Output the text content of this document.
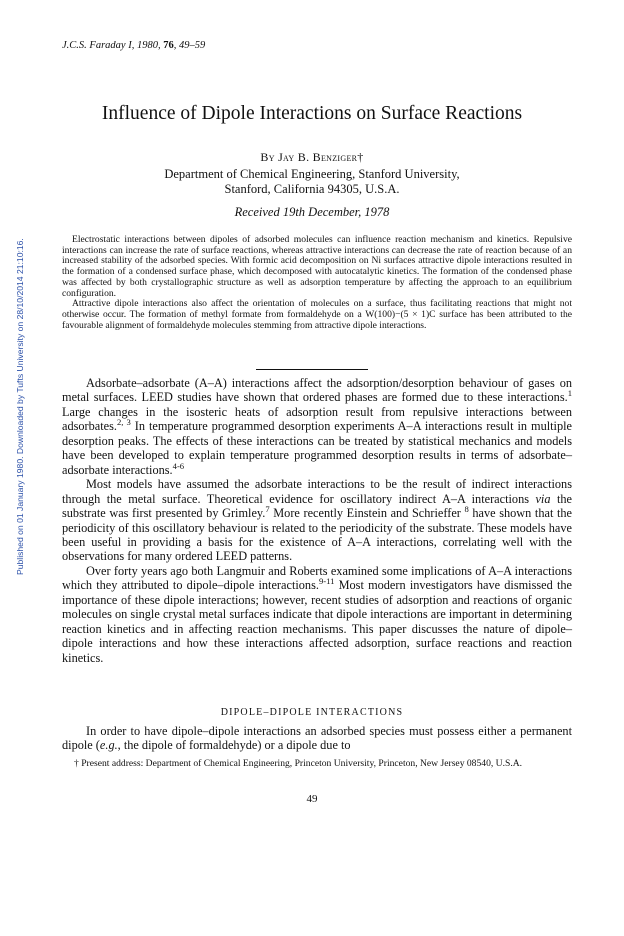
J.C.S. Faraday I, 1980, 76, 49–59
Published on 01 January 1980. Downloaded by Tufts University on 28/10/2014 21:10:16.
Influence of Dipole Interactions on Surface Reactions
By Jay B. Benziger†
Department of Chemical Engineering, Stanford University,
Stanford, California 94305, U.S.A.
Received 19th December, 1978

Electrostatic interactions between dipoles of adsorbed molecules can influence reaction mechanism and kinetics. Repulsive interactions can increase the rate of surface reactions, whereas attractive interactions can decrease the rate of reaction because of an increased stability of the adsorbed species. With formic acid decomposition on Ni surfaces attractive dipole interactions resulted in the formation of a condensed surface phase, which decomposed with autocatalytic kinetics. The formation of the condensed phase was affected by both crystallographic structure as well as adsorption temperature by affecting the approach to an equilibrium configuration.

Attractive dipole interactions also affect the orientation of molecules on a surface, thus facilitating reactions that might not otherwise occur. The formation of methyl formate from formaldehyde on a W(100)−(5 × 1)C surface has been attributed to the favourable alignment of formaldehyde molecules stemming from attractive dipole interactions.

Adsorbate–adsorbate (A–A) interactions affect the adsorption/desorption behaviour of gases on metal surfaces. LEED studies have shown that ordered phases are formed due to these interactions.$^1$ Large changes in the isosteric heats of adsorption result from repulsive interactions between adsorbates.$^{2, 3}$ In temperature programmed desorption experiments A–A interactions result in multiple desorption peaks. The effects of these interactions can be treated by statistical mechanics and models have been developed to explain temperature programmed desorption results in terms of adsorbate–adsorbate interactions.$^{4-6}$

Most models have assumed the adsorbate interactions to be the result of indirect interactions through the metal surface. Theoretical evidence for oscillatory indirect A–A interactions via the substrate was first presented by Grimley.$^7$ More recently Einstein and Schrieffer $^8$ have shown that the periodicity of this oscillatory behaviour is related to the periodicity of the substrate. These models have been useful in providing a basis for the existence of A–A interactions, correlating well with the observations for many ordered LEED patterns.

Over forty years ago both Langmuir and Roberts examined some implications of A–A interactions which they attributed to dipole–dipole interactions.$^{9-11}$ Most modern investigators have dismissed the importance of these dipole interactions; however, recent studies of adsorption and reactions of organic molecules on single crystal metal surfaces indicate that dipole interactions are important in determining reaction kinetics and in affecting reaction mechanisms. This paper discusses the nature of dipole–dipole interactions and how these interactions affected adsorption, surface reactions and reaction kinetics.

DIPOLE–DIPOLE INTERACTIONS

In order to have dipole–dipole interactions an adsorbed species must possess either a permanent dipole (e.g., the dipole of formaldehyde) or a dipole due to

† Present address: Department of Chemical Engineering, Princeton University, Princeton, New Jersey 08540, U.S.A.

49
